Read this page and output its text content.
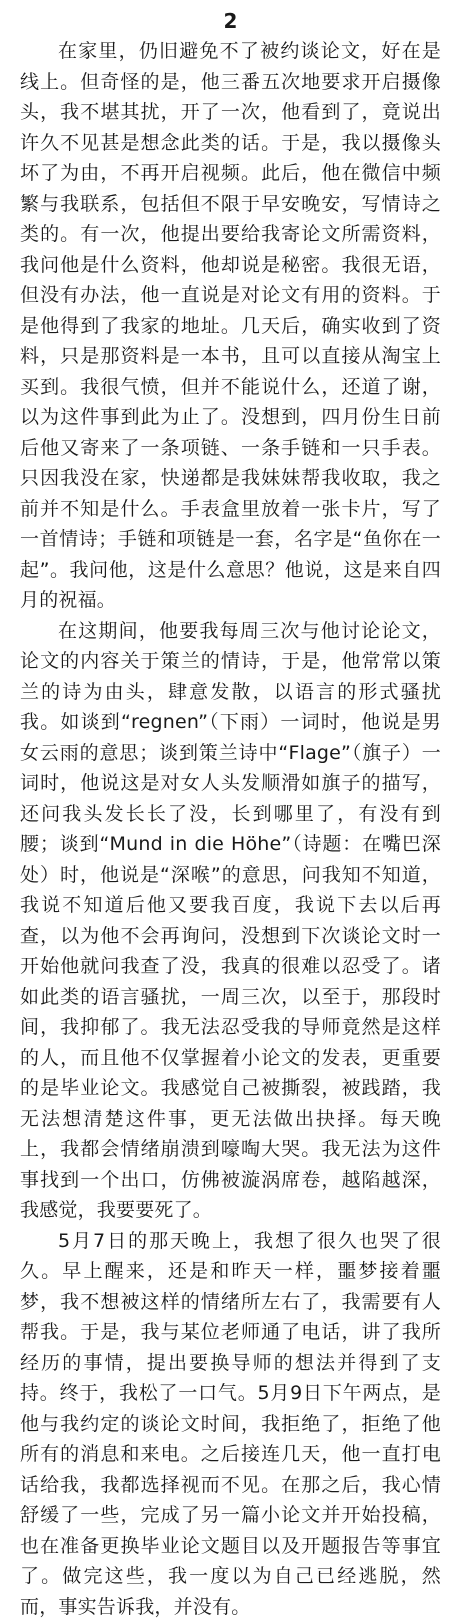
2

在家里，仍旧避免不了被约谈论文，好在是线上。但奇怪的是，他三番五次地要求开启摄像头，我不堪其扰，开了一次，他看到了，竟说出许久不见甚是想念此类的话。于是，我以摄像头坏了为由，不再开启视频。此后，他在微信中频繁与我联系，包括但不限于早安晚安，写情诗之类的。有一次，他提出要给我寄论文所需资料，我问他是什么资料，他却说是秘密。我很无语，但没有办法，他一直说是对论文有用的资料。于是他得到了我家的地址。几天后，确实收到了资料，只是那资料是一本书，且可以直接从淘宝上买到。我很气愤，但并不能说什么，还道了谢，以为这件事到此为止了。没想到，四月份生日前后他又寄来了一条项链、一条手链和一只手表。只因我没在家，快递都是我妹妹帮我收取，我之前并不知是什么。手表盒里放着一张卡片，写了一首情诗；手链和项链是一套，名字是“鱼你在一起”。我问他，这是什么意思？他说，这是来自四月的祝福。

在这期间，他要我每周三次与他讨论论文，论文的内容关于策兰的情诗，于是，他常常以策兰的诗为由头，肆意发散，以语言的形式骚扰我。如谈到“regnen”（下雨）一词时，他说是男女云雨的意思；谈到策兰诗中“Flage”（旗子）一词时，他说这是对女人头发顺滑如旗子的描写，还问我头发长长了没，长到哪里了，有没有到腰；谈到“Mund in die Höhe”（诗题：在嘴巴深处）时，他说是“深喉”的意思，问我知不知道，我说不知道后他又要我百度，我说下去以后再查，以为他不会再询问，没想到下次谈论文时一开始他就问我查了没，我真的很难以忍受了。诸如此类的语言骚扰，一周三次，以至于，那段时间，我抑郁了。我无法忍受我的导师竟然是这样的人，而且他不仅掌握着小论文的发表，更重要的是毕业论文。我感觉自己被撕裂，被践踏，我无法想清楚这件事，更无法做出抉择。每天晚上，我都会情绪崩溃到嚎啕大哭。我无法为这件事找到一个出口，仿佛被漩涡席卷，越陷越深，我感觉，我要要死了。

5月7日的那天晚上，我想了很久也哭了很久。早上醒来，还是和昨天一样，噩梦接着噩梦，我不想被这样的情绪所左右了，我需要有人帮我。于是，我与某位老师通了电话，讲了我所经历的事情，提出要换导师的想法并得到了支持。终于，我松了一口气。5月9日下午两点，是他与我约定的谈论文时间，我拒绝了，拒绝了他所有的消息和来电。之后接连几天，他一直打电话给我，我都选择视而不见。在那之后，我心情舒缓了一些，完成了另一篇小论文并开始投稿，也在准备更换毕业论文题目以及开题报告等事宜了。做完这些，我一度以为自己已经逃脱，然而，事实告诉我，并没有。
